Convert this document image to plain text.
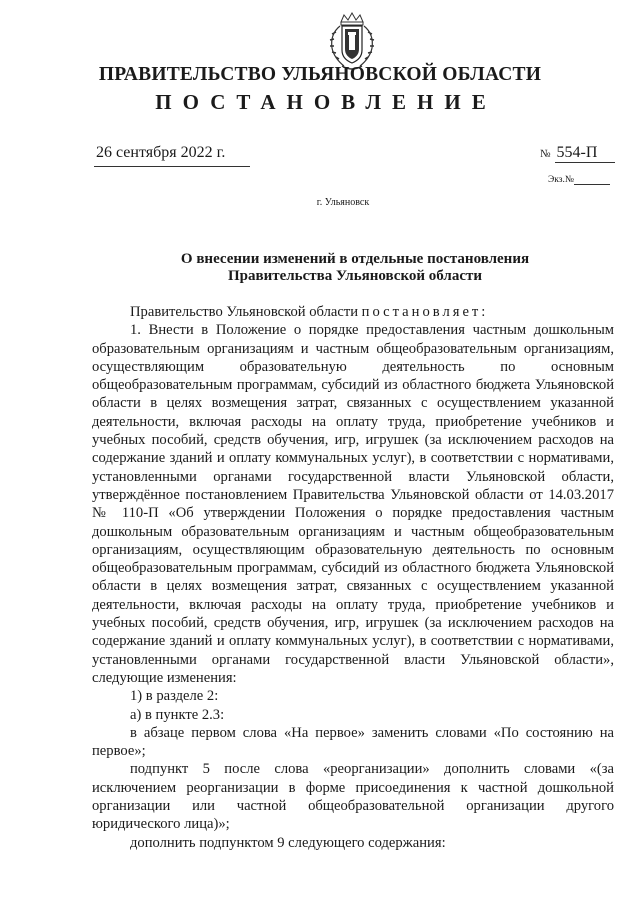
ПРАВИТЕЛЬСТВО УЛЬЯНОВСКОЙ ОБЛАСТИ
ПОСТАНОВЛЕНИЕ
26 сентября 2022 г.	№ 554-П
Экз.№
г. Ульяновск
О внесении изменений в отдельные постановления
Правительства Ульяновской области

Правительство Ульяновской области постановляет:

1. Внести в Положение о порядке предоставления частным дошкольным образовательным организациям и частным общеобразовательным организациям, осуществляющим образовательную деятельность по основным общеобразовательным программам, субсидий из областного бюджета Ульяновской области в целях возмещения затрат, связанных с осуществлением указанной деятельности, включая расходы на оплату труда, приобретение учебников и учебных пособий, средств обучения, игр, игрушек (за исключением расходов на содержание зданий и оплату коммунальных услуг), в соответствии с нормативами, установленными органами государственной власти Ульяновской области, утверждённое постановлением Правительства Ульяновской области от 14.03.2017 № 110-П «Об утверждении Положения о порядке предоставления частным дошкольным образовательным организациям и частным общеобразовательным организациям, осуществляющим образовательную деятельность по основным общеобразовательным программам, субсидий из областного бюджета Ульяновской области в целях возмещения затрат, связанных с осуществлением указанной деятельности, включая расходы на оплату труда, приобретение учебников и учебных пособий, средств обучения, игр, игрушек (за исключением расходов на содержание зданий и оплату коммунальных услуг), в соответствии с нормативами, установленными органами государственной власти Ульяновской области», следующие изменения:

1) в разделе 2:

а) в пункте 2.3:

в абзаце первом слова «На первое» заменить словами «По состоянию на первое»;

подпункт 5 после слова «реорганизации» дополнить словами «(за исключением реорганизации в форме присоединения к частной дошкольной организации или частной общеобразовательной организации другого юридического лица)»;

дополнить подпунктом 9 следующего содержания:
